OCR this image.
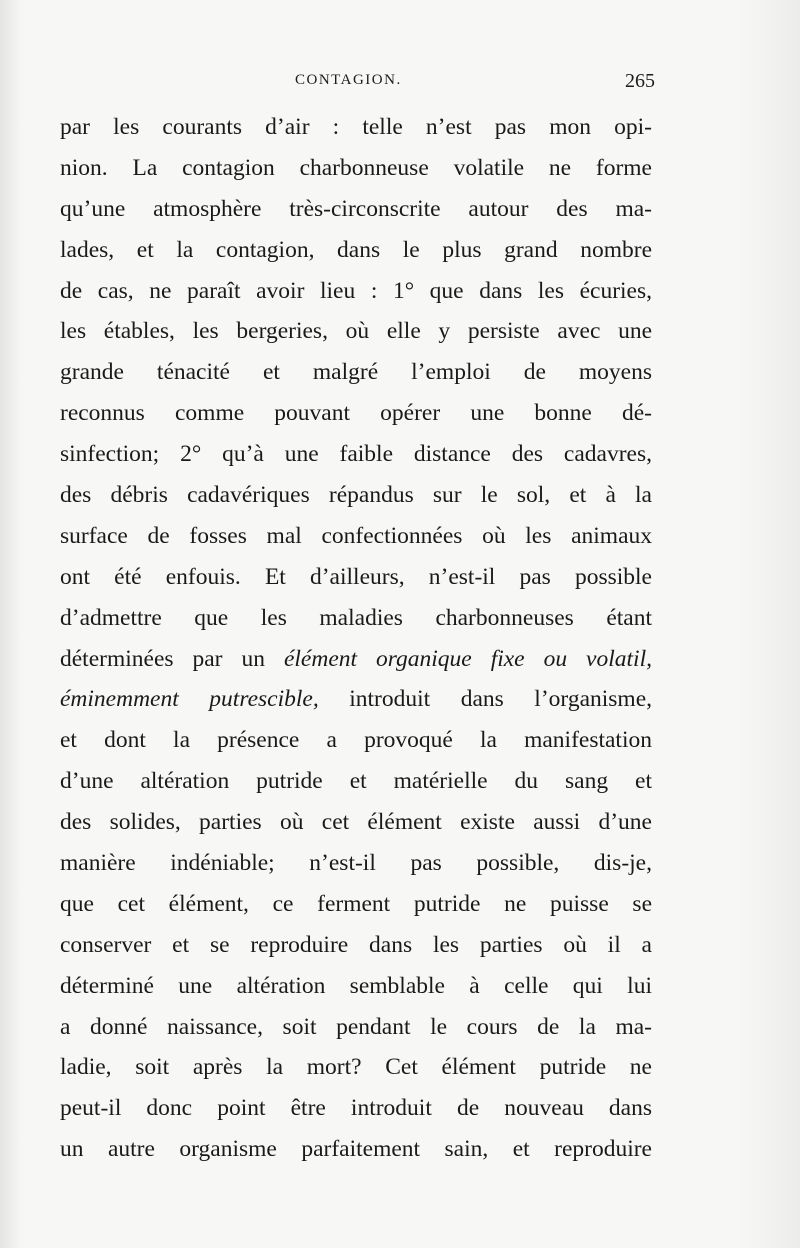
CONTAGION.	265
par les courants d’air : telle n’est pas mon opi-
nion. La contagion charbonneuse volatile ne forme
qu’une atmosphère très-circonscrite autour des ma-
lades, et la contagion, dans le plus grand nombre
de cas, ne paraît avoir lieu : 1° que dans les écuries,
les étables, les bergeries, où elle y persiste avec une
grande ténacité et malgré l’emploi de moyens
reconnus comme pouvant opérer une bonne dé-
sinfection; 2° qu’à une faible distance des cadavres,
des débris cadavériques répandus sur le sol, et à la
surface de fosses mal confectionnées où les animaux
ont été enfouis. Et d’ailleurs, n’est-il pas possible
d’admettre que les maladies charbonneuses étant
déterminées par un élément organique fixe ou volatil,
éminemment putrescible, introduit dans l’organisme,
et dont la présence a provoqué la manifestation
d’une altération putride et matérielle du sang et
des solides, parties où cet élément existe aussi d’une
manière indéniable; n’est-il pas possible, dis-je,
que cet élément, ce ferment putride ne puisse se
conserver et se reproduire dans les parties où il a
déterminé une altération semblable à celle qui lui
a donné naissance, soit pendant le cours de la ma-
ladie, soit après la mort? Cet élément putride ne
peut-il donc point être introduit de nouveau dans
un autre organisme parfaitement sain, et reproduire
